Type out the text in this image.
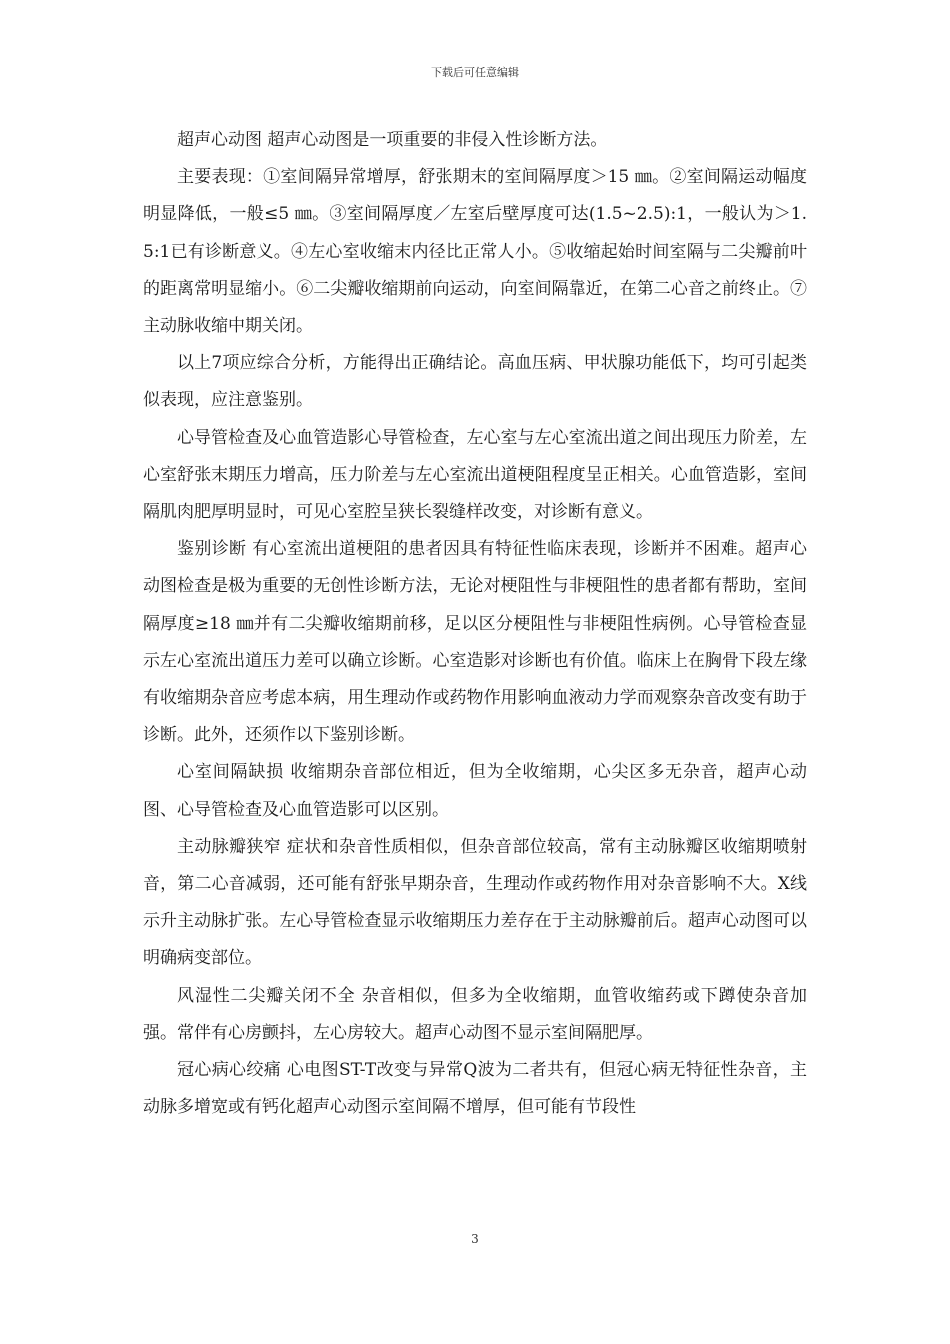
下载后可任意编辑

超声心动图 超声心动图是一项重要的非侵入性诊断方法。

主要表现：①室间隔异常增厚，舒张期末的室间隔厚度＞15 ㎜。②室间隔运动幅度明显降低，一般≤5 ㎜。③室间隔厚度／左室后壁厚度可达(1.5~2.5):1，一般认为＞1.5:1已有诊断意义。④左心室收缩末内径比正常人小。⑤收缩起始时间室隔与二尖瓣前叶的距离常明显缩小。⑥二尖瓣收缩期前向运动，向室间隔靠近，在第二心音之前终止。⑦主动脉收缩中期关闭。

以上7项应综合分析，方能得出正确结论。高血压病、甲状腺功能低下，均可引起类似表现，应注意鉴别。

心导管检查及心血管造影心导管检查，左心室与左心室流出道之间出现压力阶差，左心室舒张末期压力增高，压力阶差与左心室流出道梗阻程度呈正相关。心血管造影，室间隔肌肉肥厚明显时，可见心室腔呈狭长裂缝样改变，对诊断有意义。

鉴别诊断 有心室流出道梗阻的患者因具有特征性临床表现，诊断并不困难。超声心动图检查是极为重要的无创性诊断方法，无论对梗阻性与非梗阻性的患者都有帮助，室间隔厚度≥18 ㎜并有二尖瓣收缩期前移，足以区分梗阻性与非梗阻性病例。心导管检查显示左心室流出道压力差可以确立诊断。心室造影对诊断也有价值。临床上在胸骨下段左缘有收缩期杂音应考虑本病，用生理动作或药物作用影响血液动力学而观察杂音改变有助于诊断。此外，还须作以下鉴别诊断。

心室间隔缺损 收缩期杂音部位相近，但为全收缩期，心尖区多无杂音，超声心动图、心导管检查及心血管造影可以区别。

主动脉瓣狭窄 症状和杂音性质相似，但杂音部位较高，常有主动脉瓣区收缩期喷射音，第二心音减弱，还可能有舒张早期杂音，生理动作或药物作用对杂音影响不大。X线示升主动脉扩张。左心导管检查显示收缩期压力差存在于主动脉瓣前后。超声心动图可以明确病变部位。

风湿性二尖瓣关闭不全 杂音相似，但多为全收缩期，血管收缩药或下蹲使杂音加强。常伴有心房颤抖，左心房较大。超声心动图不显示室间隔肥厚。

冠心病心绞痛 心电图ST-T改变与异常Q波为二者共有，但冠心病无特征性杂音，主动脉多增宽或有钙化超声心动图示室间隔不增厚，但可能有节段性

3
